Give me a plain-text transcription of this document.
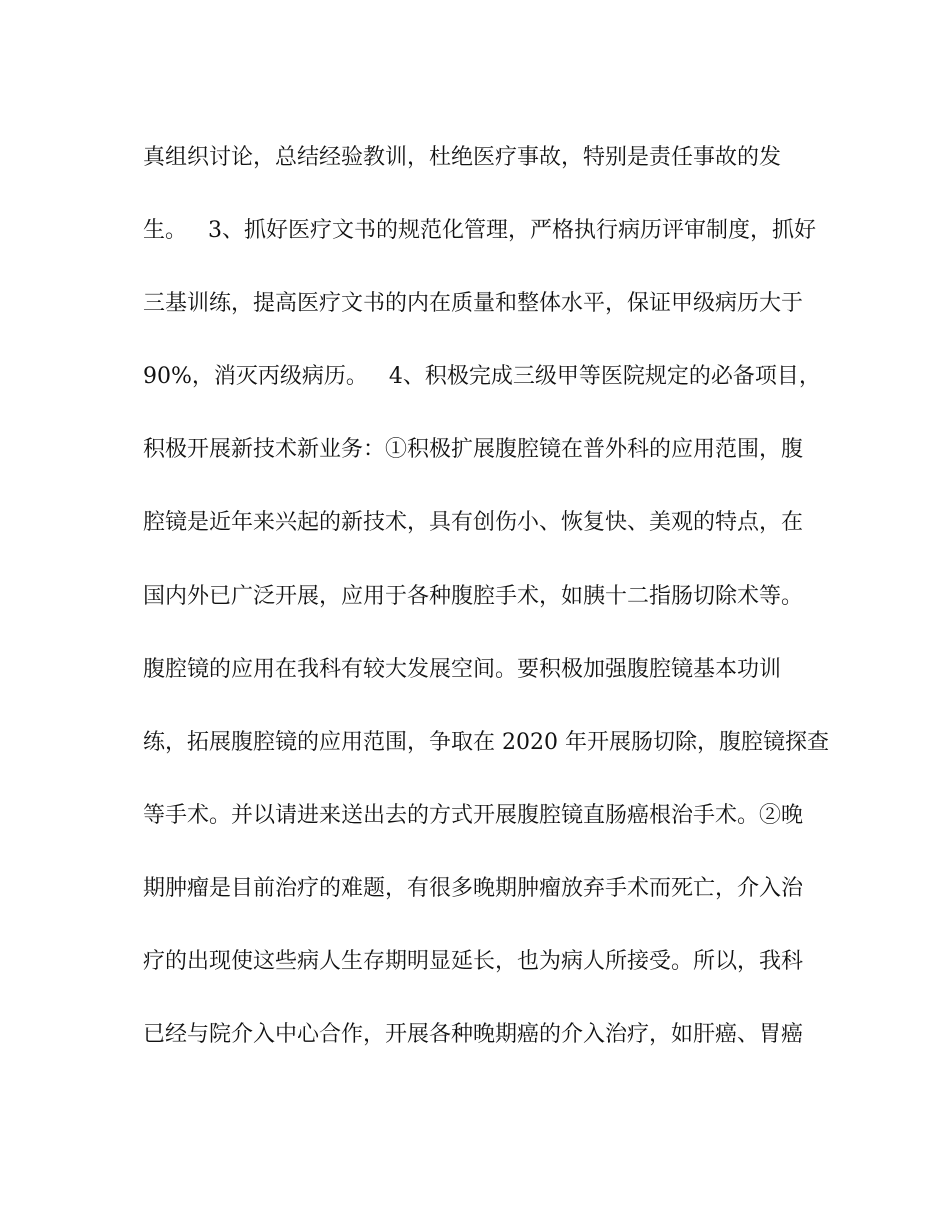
真组织讨论，总结经验教训，杜绝医疗事故，特别是责任事故的发
生。   3、抓好医疗文书的规范化管理，严格执行病历评审制度，抓好
三基训练，提高医疗文书的内在质量和整体水平，保证甲级病历大于
90%，消灭丙级病历。   4、积极完成三级甲等医院规定的必备项目，
积极开展新技术新业务：①积极扩展腹腔镜在普外科的应用范围，腹
腔镜是近年来兴起的新技术，具有创伤小、恢复快、美观的特点，在
国内外已广泛开展，应用于各种腹腔手术，如胰十二指肠切除术等。
腹腔镜的应用在我科有较大发展空间。要积极加强腹腔镜基本功训
练，拓展腹腔镜的应用范围，争取在 2020 年开展肠切除，腹腔镜探查
等手术。并以请进来送出去的方式开展腹腔镜直肠癌根治手术。②晚
期肿瘤是目前治疗的难题，有很多晚期肿瘤放弃手术而死亡，介入治
疗的出现使这些病人生存期明显延长，也为病人所接受。所以，我科
已经与院介入中心合作，开展各种晚期癌的介入治疗，如肝癌、胃癌
